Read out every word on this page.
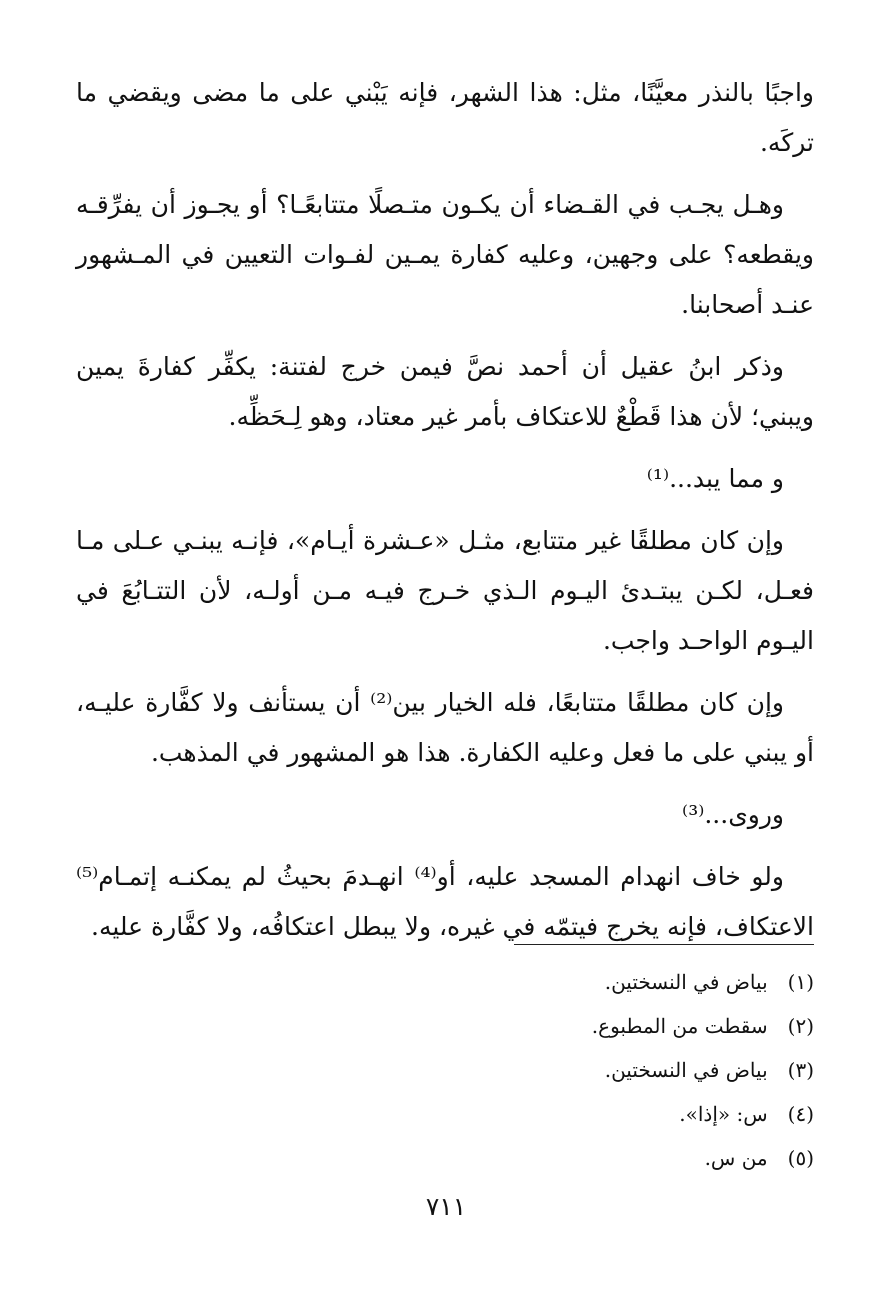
واجبًا بالنذر معيَّنًا، مثل: هذا الشهر، فإنه يَبْني على ما مضى ويقضي ما تركَه.

وهـل يجـب في القـضاء أن يكـون متـصلًا متتابعًـا؟ أو يجـوز أن يفرِّقـه ويقطعه؟ على وجهين، وعليه كفارة يمـين لفـوات التعيين في المـشهور عنـد أصحابنا.

وذكر ابنُ عقيل أن أحمد نصَّ فيمن خرج لفتنة: يكفِّر كفارةَ يمين ويبني؛ لأن هذا قَطْعٌ للاعتكاف بأمر غير معتاد، وهو لِـحَظِّه.

و مما يبد...⁽¹⁾

وإن كان مطلقًا غير متتابع، مثـل «عـشرة أيـام»، فإنـه يبنـي عـلى مـا فعـل، لكـن يبتـدئ اليـوم الـذي خـرج فيـه مـن أولـه، لأن التتـابُعَ في اليـوم الواحـد واجب.

وإن كان مطلقًا متتابعًا، فله الخيار بين⁽²⁾ أن يستأنف ولا كفَّارة عليـه، أو يبني على ما فعل وعليه الكفارة. هذا هو المشهور في المذهب.

وروى...⁽³⁾

ولو خاف انهدام المسجد عليه، أو⁽⁴⁾ انهـدمَ بحيثُ لم يمكنـه إتمـام⁽⁵⁾ الاعتكاف، فإنه يخرج فيتمّه في غيره، ولا يبطل اعتكافُه، ولا كفَّارة عليه.

(١) بياض في النسختين.
(٢) سقطت من المطبوع.
(٣) بياض في النسختين.
(٤) س: «إذا».
(٥) من س.
٧١١
